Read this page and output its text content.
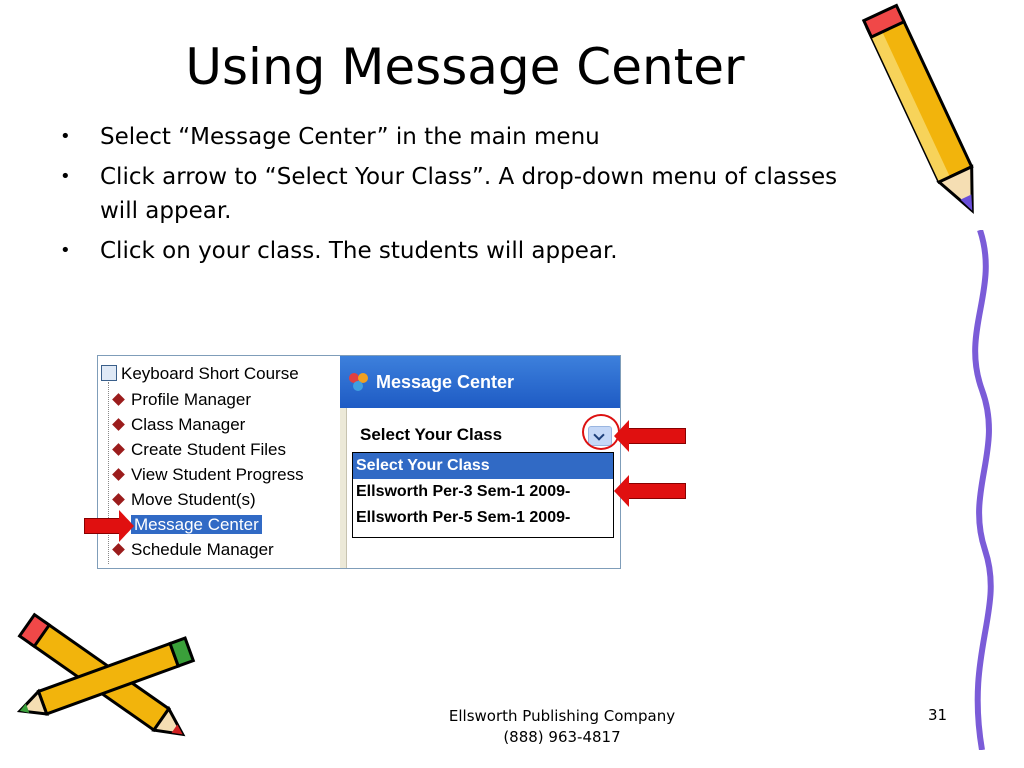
Using Message Center
• Select “Message Center” in the main menu
• Click arrow to “Select Your Class”. A drop-down menu of classes will appear.
• Click on your class. The students will appear.
Keyboard Short Course
Profile Manager
Class Manager
Create Student Files
View Student Progress
Move Student(s)
Message Center
Schedule Manager
Message Center
Select Your Class
Select Your Class
Ellsworth Per-3 Sem-1 2009-
Ellsworth Per-5 Sem-1 2009-
Ellsworth Publishing Company
(888) 963-4817
31
